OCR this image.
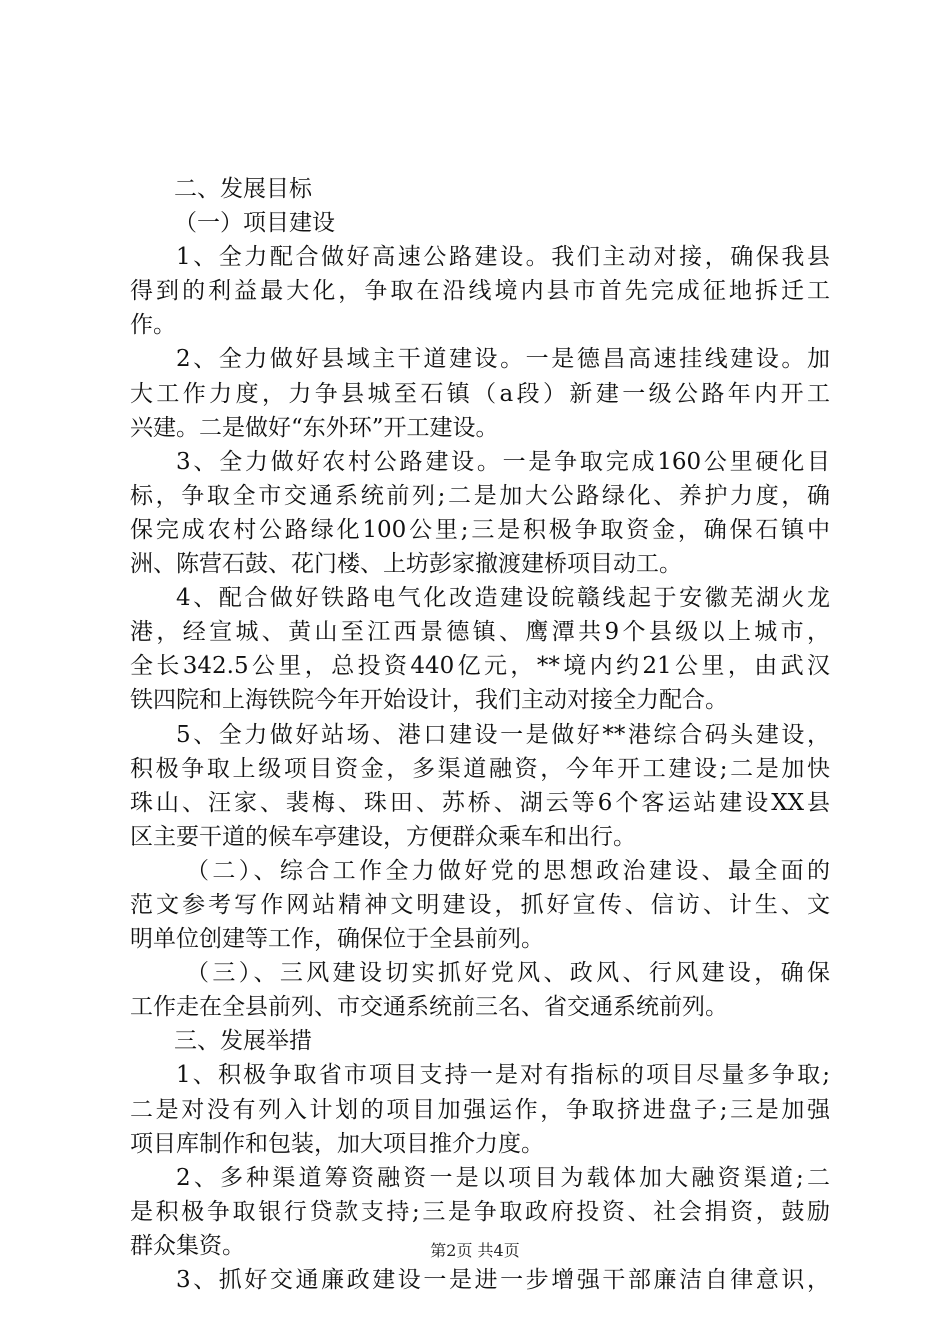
二、发展目标
（一）项目建设
1、全力配合做好高速公路建设。我们主动对接，确保我县
得到的利益最大化，争取在沿线境内县市首先完成征地拆迁工
作。
2、全力做好县域主干道建设。一是德昌高速挂线建设。加
大工作力度，力争县城至石镇（a段）新建一级公路年内开工
兴建。二是做好“东外环”开工建设。
3、全力做好农村公路建设。一是争取完成160公里硬化目
标，争取全市交通系统前列;二是加大公路绿化、养护力度，确
保完成农村公路绿化100公里;三是积极争取资金，确保石镇中
洲、陈营石鼓、花门楼、上坊彭家撤渡建桥项目动工。
4、配合做好铁路电气化改造建设皖赣线起于安徽芜湖火龙
港，经宣城、黄山至江西景德镇、鹰潭共9个县级以上城市，
全长342.5公里，总投资440亿元，**境内约21公里，由武汉
铁四院和上海铁院今年开始设计，我们主动对接全力配合。
5、全力做好站场、港口建设一是做好**港综合码头建设，
积极争取上级项目资金，多渠道融资，今年开工建设;二是加快
珠山、汪家、裴梅、珠田、苏桥、湖云等6个客运站建设XX县
区主要干道的候车亭建设，方便群众乘车和出行。
（二）、综合工作全力做好党的思想政治建设、最全面的
范文参考写作网站精神文明建设，抓好宣传、信访、计生、文
明单位创建等工作，确保位于全县前列。
（三）、三风建设切实抓好党风、政风、行风建设，确保
工作走在全县前列、市交通系统前三名、省交通系统前列。
三、发展举措
1、积极争取省市项目支持一是对有指标的项目尽量多争取;
二是对没有列入计划的项目加强运作，争取挤进盘子;三是加强
项目库制作和包装，加大项目推介力度。
2、多种渠道筹资融资一是以项目为载体加大融资渠道;二
是积极争取银行贷款支持;三是争取政府投资、社会捐资，鼓励
群众集资。
3、抓好交通廉政建设一是进一步增强干部廉洁自律意识，
第2页 共4页
